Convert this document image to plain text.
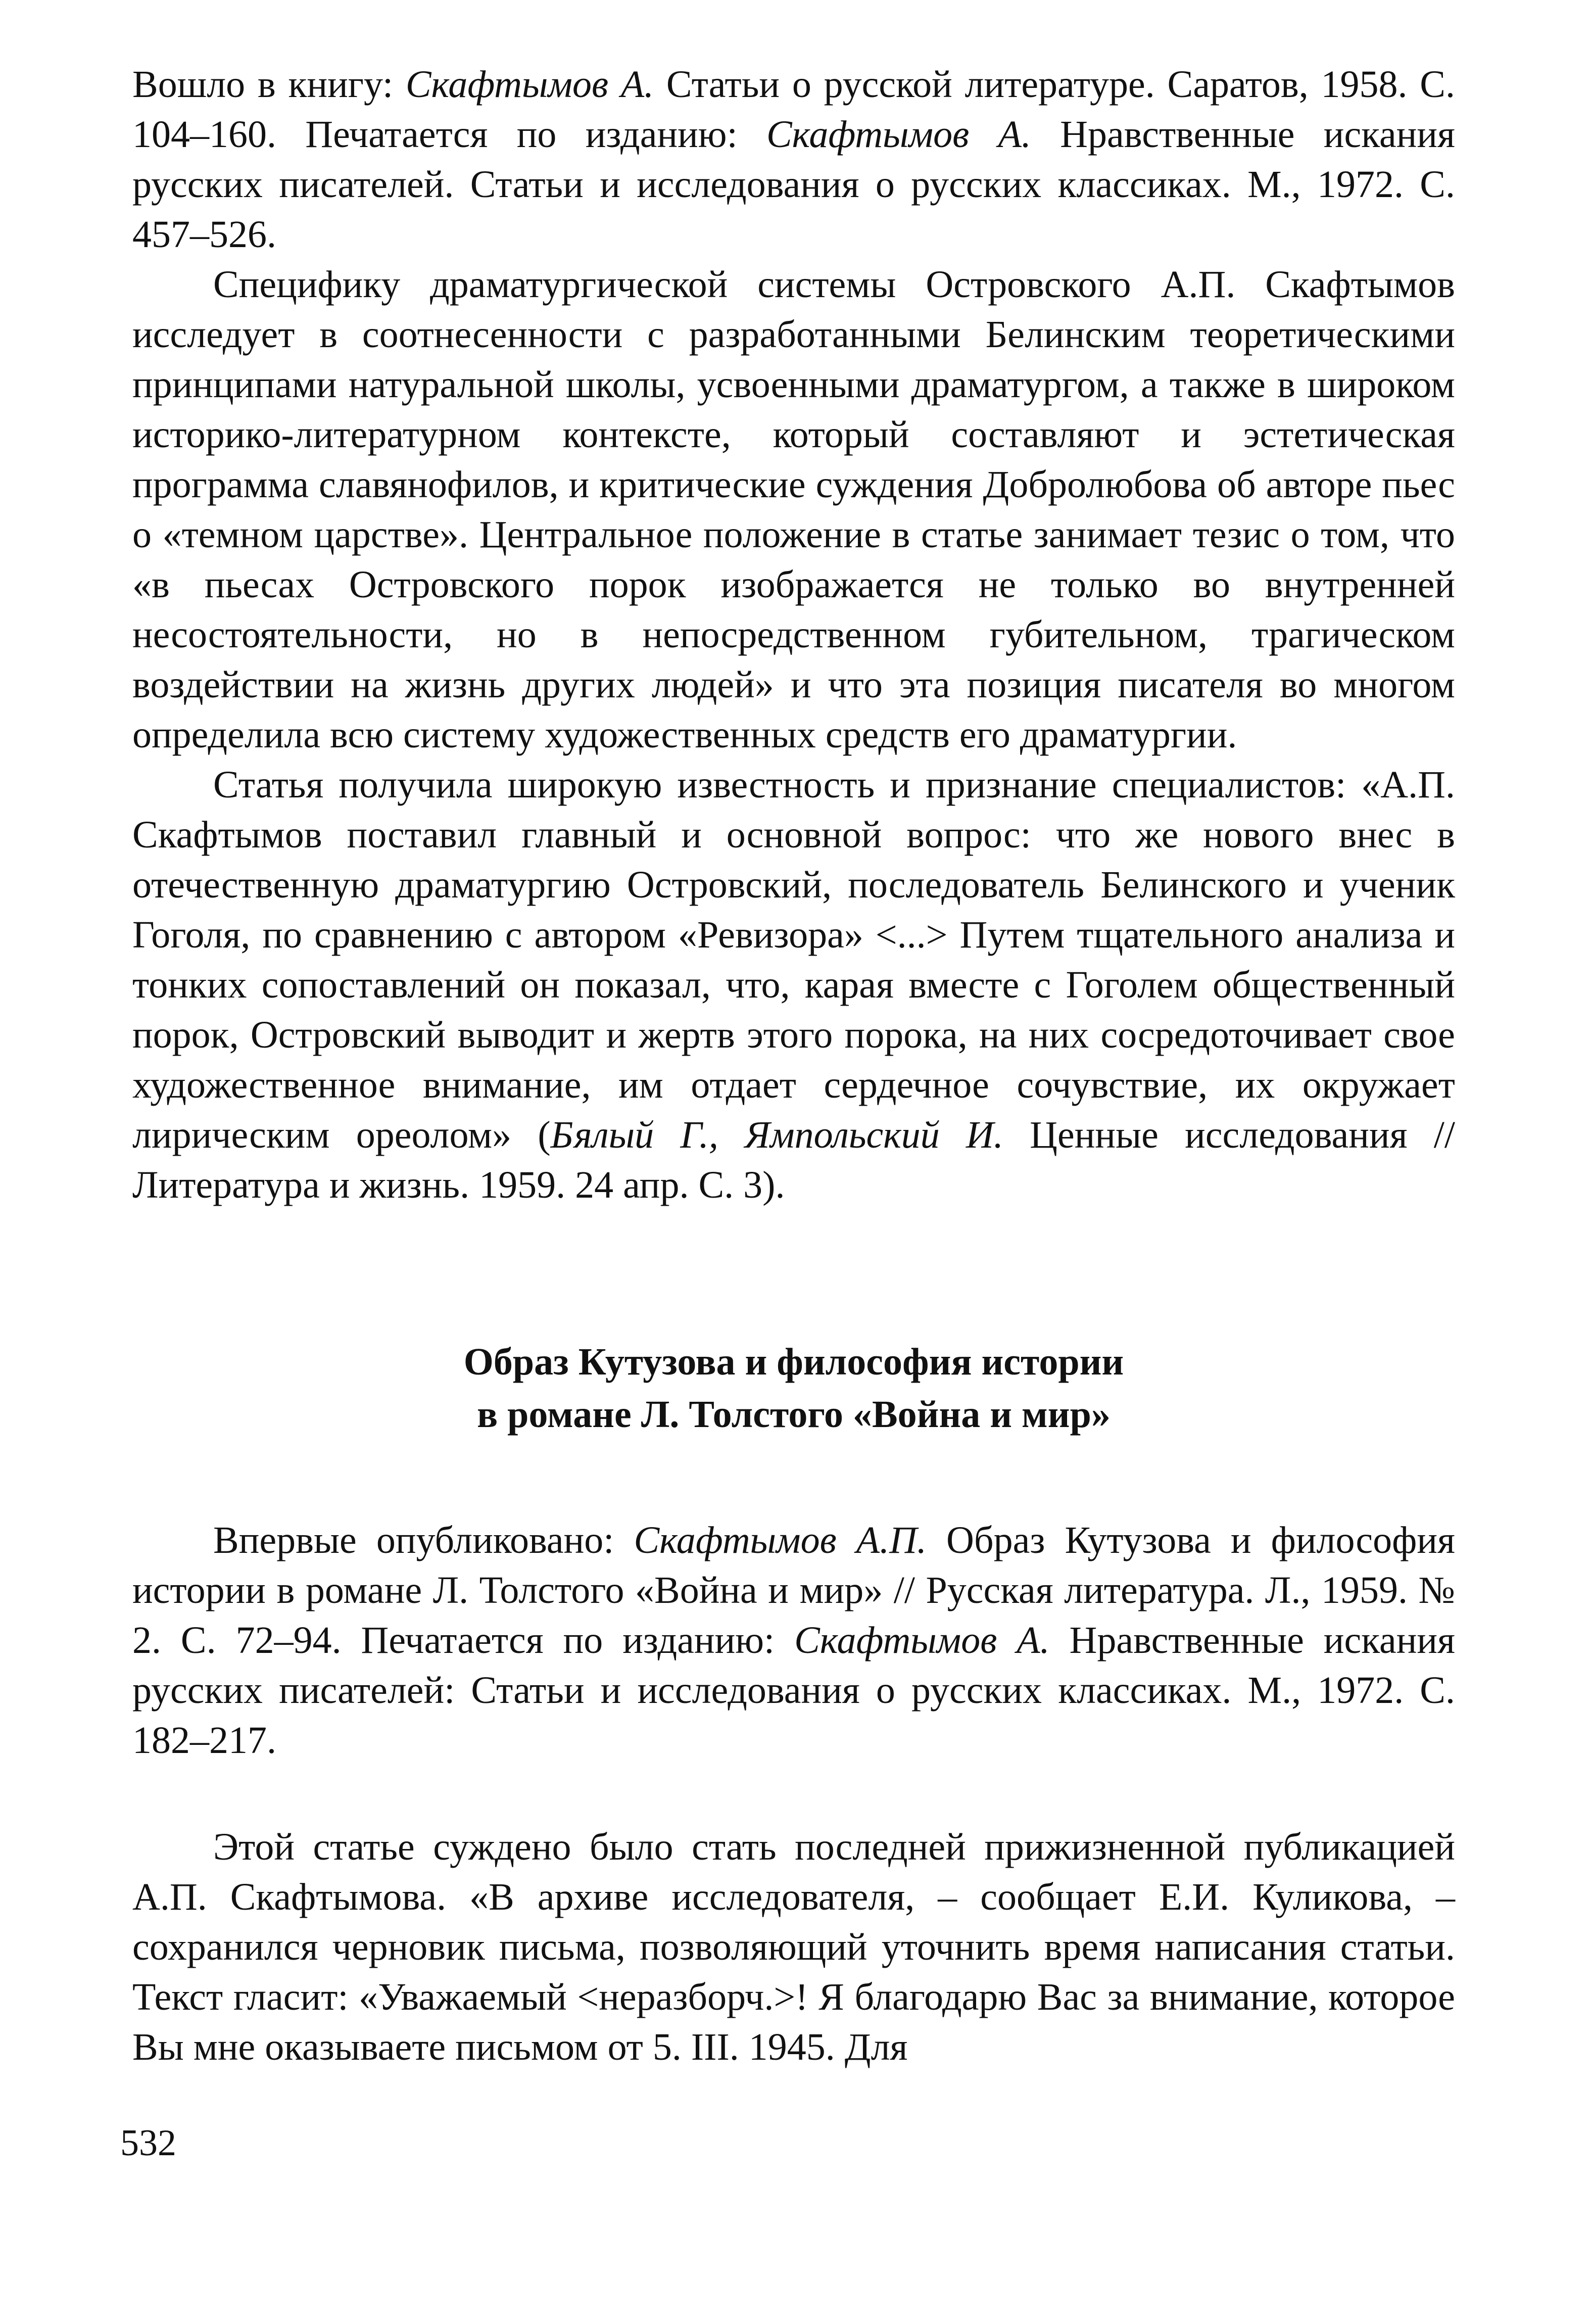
Вошло в книгу: Скафтымов А. Статьи о русской литературе. Саратов, 1958. С. 104–160. Печатается по изданию: Скафтымов А. Нравственные искания русских писателей. Статьи и исследования о русских классиках. М., 1972. С. 457–526.

Специфику драматургической системы Островского А.П. Скафтымов исследует в соотнесенности с разработанными Белинским теоретическими принципами натуральной школы, усвоенными драматургом, а также в широком историко-литературном контексте, который составляют и эстетическая программа славянофилов, и критические суждения Добролюбова об авторе пьес о «темном царстве». Центральное положение в статье занимает тезис о том, что «в пьесах Островского порок изображается не только во внутренней несостоятельности, но в непосредственном губительном, трагическом воздействии на жизнь других людей» и что эта позиция писателя во многом определила всю систему художественных средств его драматургии.

Статья получила широкую известность и признание специалистов: «А.П. Скафтымов поставил главный и основной вопрос: что же нового внес в отечественную драматургию Островский, последователь Белинского и ученик Гоголя, по сравнению с автором «Ревизора» <...> Путем тщательного анализа и тонких сопоставлений он показал, что, карая вместе с Гоголем общественный порок, Островский выводит и жертв этого порока, на них сосредоточивает свое художественное внимание, им отдает сердечное сочувствие, их окружает лирическим ореолом» (Бялый Г., Ямпольский И. Ценные исследования // Литература и жизнь. 1959. 24 апр. С. 3).

Образ Кутузова и философия истории
в романе Л. Толстого «Война и мир»

Впервые опубликовано: Скафтымов А.П. Образ Кутузова и философия истории в романе Л. Толстого «Война и мир» // Русская литература. Л., 1959. № 2. С. 72–94. Печатается по изданию: Скафтымов А. Нравственные искания русских писателей: Статьи и исследования о русских классиках. М., 1972. С. 182–217.

Этой статье суждено было стать последней прижизненной публикацией А.П. Скафтымова. «В архиве исследователя, – сообщает Е.И. Куликова, – сохранился черновик письма, позволяющий уточнить время написания статьи. Текст гласит: «Уважаемый <неразборч.>! Я благодарю Вас за внимание, которое Вы мне оказываете письмом от 5. III. 1945. Для

532
